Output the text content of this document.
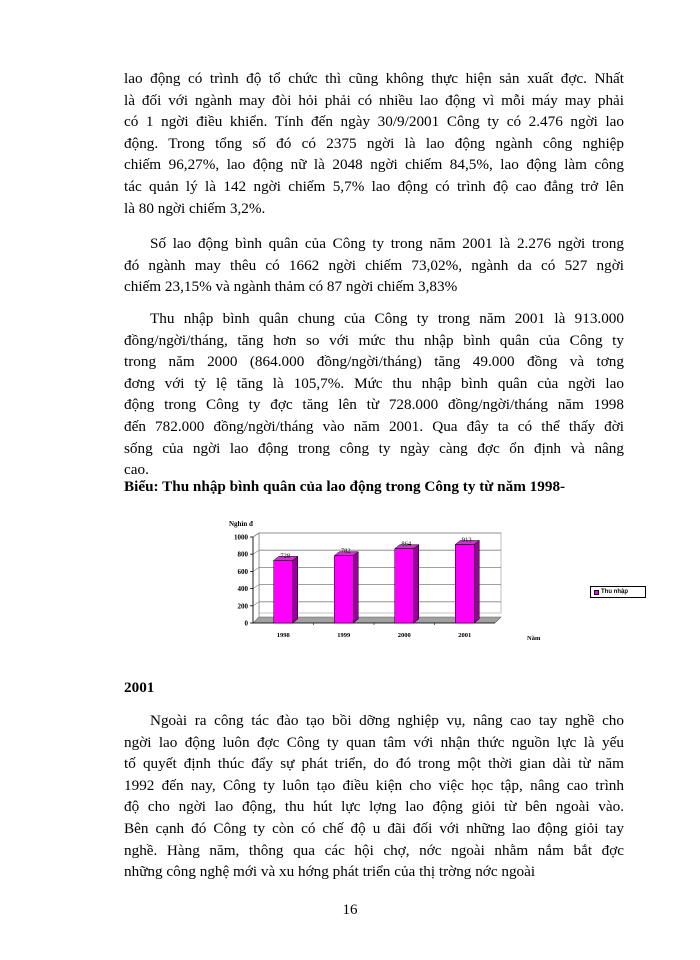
lao động có trình độ tổ chức thì cũng không thực hiện sản xuất đợc. Nhất
là đối với ngành may đòi hỏi phải có nhiều lao động vì mỗi máy may phải
có 1 ngời điều khiển. Tính đến ngày 30/9/2001 Công ty có 2.476 ngời lao
động. Trong tổng số đó có 2375 ngời là lao động ngành công nghiệp
chiếm 96,27%, lao động nữ là 2048 ngời chiếm 84,5%, lao động làm công
tác quản lý là 142 ngời chiếm 5,7% lao động có trình độ cao đẳng trở lên
là 80 ngời chiếm 3,2%.
Số lao động bình quân của Công ty trong năm 2001 là 2.276 ngời trong
đó ngành may thêu có 1662 ngời chiếm 73,02%, ngành da có 527 ngời
chiếm 23,15% và ngành thảm có 87 ngời chiếm 3,83%
Thu nhập bình quân chung của Công ty trong năm 2001 là 913.000
đồng/ngời/tháng, tăng hơn so với mức thu nhập bình quân của Công ty
trong năm 2000 (864.000 đồng/ngời/tháng) tăng 49.000 đồng và tơng
đơng với tỷ lệ tăng là 105,7%. Mức thu nhập bình quân của ngời lao
động trong Công ty đợc tăng lên từ 728.000 đồng/ngời/tháng năm 1998
đến 782.000 đồng/ngời/tháng vào năm 2001. Qua đây ta có thể thấy đời
sống của ngời lao động trong công ty ngày càng đợc ổn định và nâng
cao.
Biểu: Thu nhập bình quân của lao động trong Công ty từ năm 1998-
Nghìn đ
0
200
400
600
800
1000
728
782
864
913
1998	1999	2000	2001	Năm
Thu nhập
2001
Ngoài ra công tác đào tạo bồi dỡng nghiệp vụ, nâng cao tay nghề cho
ngời lao động luôn đợc Công ty quan tâm với nhận thức nguồn lực là yếu
tố quyết định thúc đẩy sự phát triển, do đó trong một thời gian dài từ năm
1992 đến nay, Công ty luôn tạo điều kiện cho việc học tập, nâng cao trình
độ cho ngời lao động, thu hút lực lợng lao động giỏi từ bên ngoài vào.
Bên cạnh đó Công ty còn có chế độ u đãi đối với những lao động giỏi tay
nghề. Hàng năm, thông qua các hội chợ, nớc ngoài nhằm nắm bắt đợc
những công nghệ mới và xu hớng phát triển của thị trờng nớc ngoài
16
